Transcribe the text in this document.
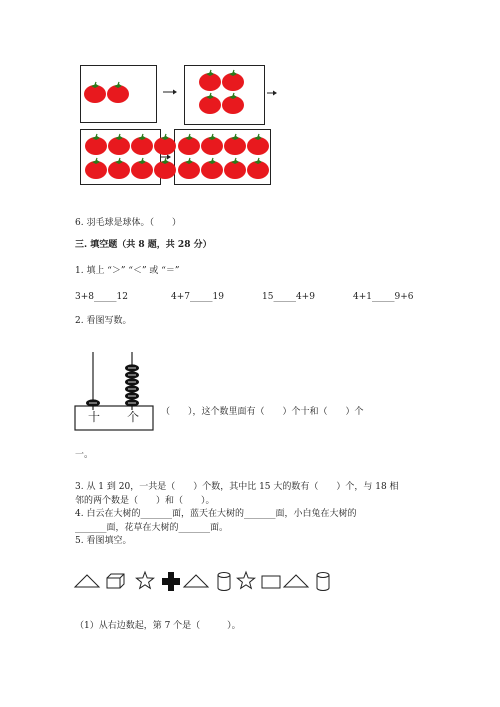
6. 羽毛球是球体。（　　）
三. 填空题（共 8 题，共 28 分）
1. 填上 “＞” “＜” 或 “＝”
3+8_____12	4+7_____19	15_____4+9	4+1_____9+6
2. 看图写数。
十 个 （　　），这个数里面有（　　）个十和（　　）个
一。
3. 从 1 到 20，一共是（　　）个数，其中比 15 大的数有（　　）个，与 18 相
邻的两个数是（　　）和（　　）。
4. 白云在大树的_______面，蓝天在大树的_______面，小白兔在大树的
_______面，花草在大树的_______面。
5. 看图填空。
（1）从右边数起，第 7 个是（　　　）。
